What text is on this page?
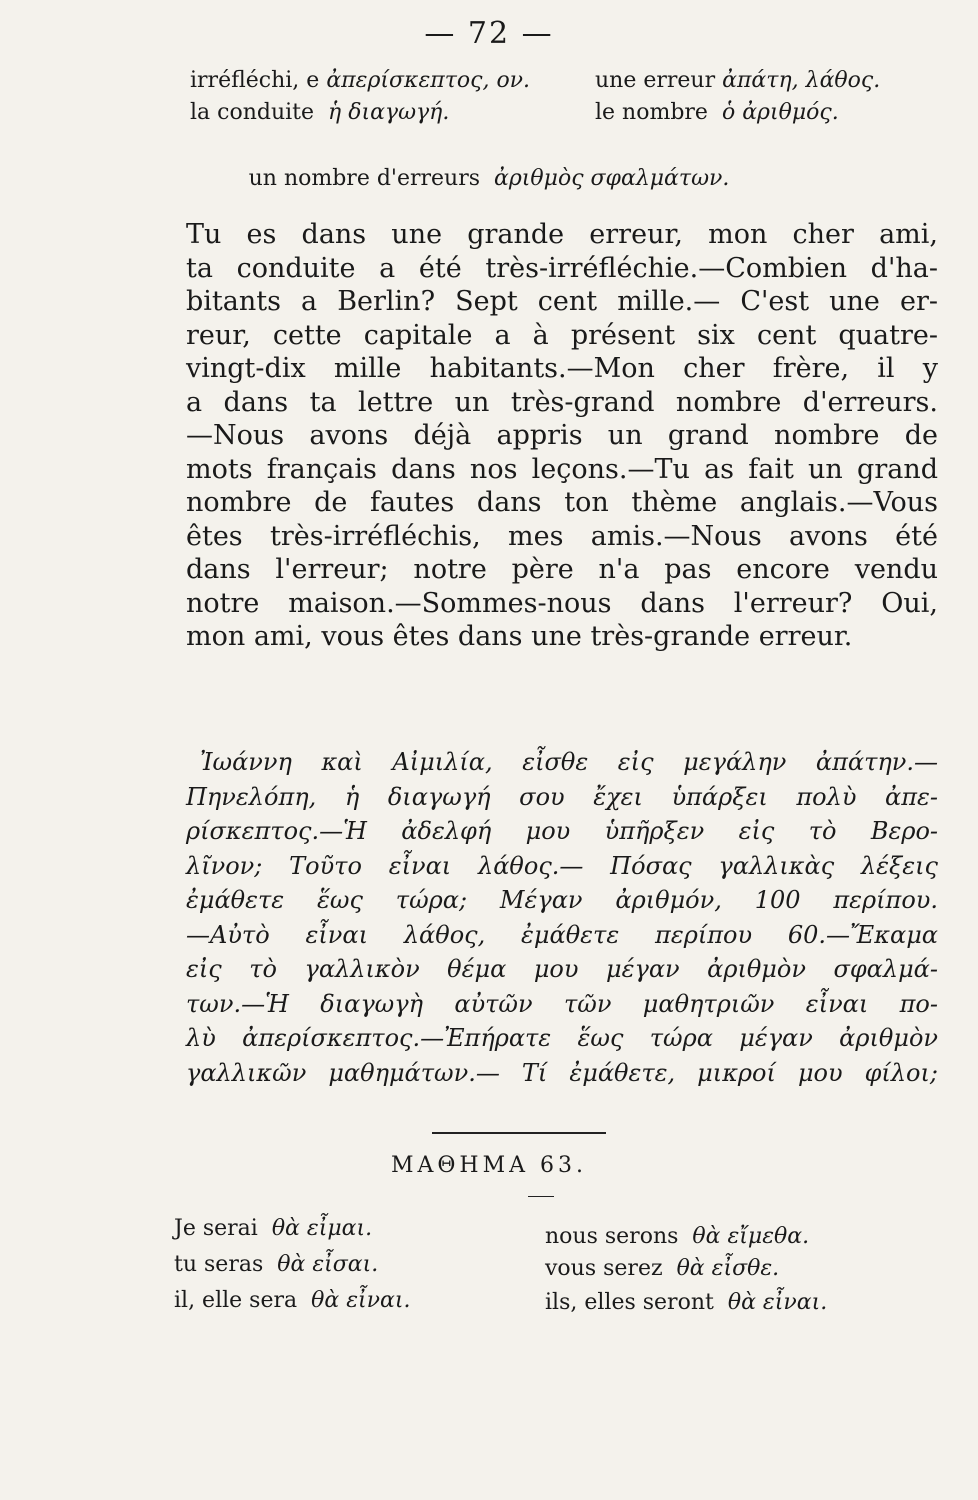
— 72 —
irréfléchi, e ἀπερίσκεπτος, ον.	une erreur ἀπάτη, λάθος.
la conduite ἡ διαγωγή.	le nombre ὁ ἀριθμός.
un nombre d'erreurs ἀριθμὸς σφαλμάτων.
Tu es dans une grande erreur, mon cher ami,
ta conduite a été très-irréfléchie.—Combien d'ha-
bitants a Berlin? Sept cent mille.— C'est une er-
reur, cette capitale a à présent six cent quatre-
vingt-dix mille habitants.—Mon cher frère, il y
a dans ta lettre un très-grand nombre d'erreurs.
—Nous avons déjà appris un grand nombre de
mots français dans nos leçons.—Tu as fait un grand
nombre de fautes dans ton thème anglais.—Vous
êtes très-irréfléchis, mes amis.—Nous avons été
dans l'erreur; notre père n'a pas encore vendu
notre maison.—Sommes-nous dans l'erreur? Oui,
mon ami, vous êtes dans une très-grande erreur.
Ἰωάννη καὶ Αἰμιλία, εἶσθε εἰς μεγάλην ἀπάτην.—
Πηνελόπη, ἡ διαγωγή σου ἔχει ὑπάρξει πολὺ ἀπε-
ρίσκεπτος.—Ἡ ἀδελφή μου ὑπῆρξεν εἰς τὸ Βερο-
λῖνον; Τοῦτο εἶναι λάθος.— Πόσας γαλλικὰς λέξεις
ἐμάθετε ἕως τώρα; Μέγαν ἀριθμόν, 100 περίπου.
—Αὐτὸ εἶναι λάθος, ἐμάθετε περίπου 60.—Ἔκαμα
εἰς τὸ γαλλικὸν θέμα μου μέγαν ἀριθμὸν σφαλμά-
των.—Ἡ διαγωγὴ αὐτῶν τῶν μαθητριῶν εἶναι πο-
λὺ ἀπερίσκεπτος.—Ἐπήρατε ἕως τώρα μέγαν ἀριθμὸν
γαλλικῶν μαθημάτων.— Τί ἐμάθετε, μικροί μου φίλοι;
ΜΑΘΗΜΑ 63.
Je serai θὰ εἶμαι.	nous serons θὰ εἴμεθα.
tu seras θὰ εἶσαι.	vous serez θὰ εἶσθε.
il, elle sera θὰ εἶναι.	ils, elles seront θὰ εἶναι.
